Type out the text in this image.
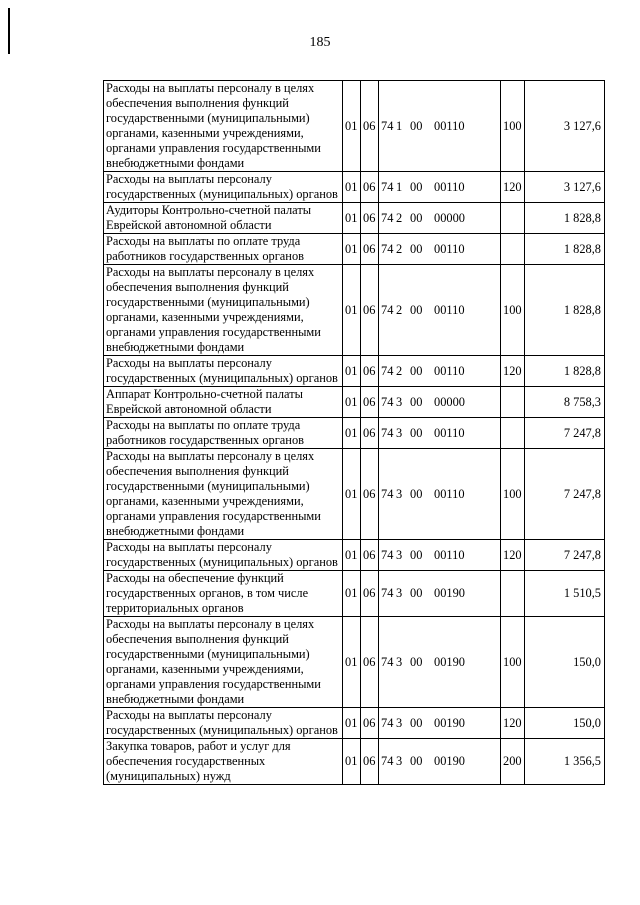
185
Расходы на выплаты персоналу в целях обеспечения выполнения функций государственными (муниципальными) органами, казенными учреждениями, органами управления государственными внебюджетными фондами	01	06	74 1 00 00110	100	3 127,6
Расходы на выплаты персоналу государственных (муниципальных) органов	01	06	74 1 00 00110	120	3 127,6
Аудиторы Контрольно-счетной палаты Еврейской автономной области	01	06	74 2 00 00000		1 828,8
Расходы на выплаты по оплате труда работников государственных органов	01	06	74 2 00 00110		1 828,8
Расходы на выплаты персоналу в целях обеспечения выполнения функций государственными (муниципальными) органами, казенными учреждениями, органами управления государственными внебюджетными фондами	01	06	74 2 00 00110	100	1 828,8
Расходы на выплаты персоналу государственных (муниципальных) органов	01	06	74 2 00 00110	120	1 828,8
Аппарат Контрольно-счетной палаты Еврейской автономной области	01	06	74 3 00 00000		8 758,3
Расходы на выплаты по оплате труда работников государственных органов	01	06	74 3 00 00110		7 247,8
Расходы на выплаты персоналу в целях обеспечения выполнения функций государственными (муниципальными) органами, казенными учреждениями, органами управления государственными внебюджетными фондами	01	06	74 3 00 00110	100	7 247,8
Расходы на выплаты персоналу государственных (муниципальных) органов	01	06	74 3 00 00110	120	7 247,8
Расходы на обеспечение функций государственных органов, в том числе территориальных органов	01	06	74 3 00 00190		1 510,5
Расходы на выплаты персоналу в целях обеспечения выполнения функций государственными (муниципальными) органами, казенными учреждениями, органами управления государственными внебюджетными фондами	01	06	74 3 00 00190	100	150,0
Расходы на выплаты персоналу государственных (муниципальных) органов	01	06	74 3 00 00190	120	150,0
Закупка товаров, работ и услуг для обеспечения государственных (муниципальных) нужд	01	06	74 3 00 00190	200	1 356,5
